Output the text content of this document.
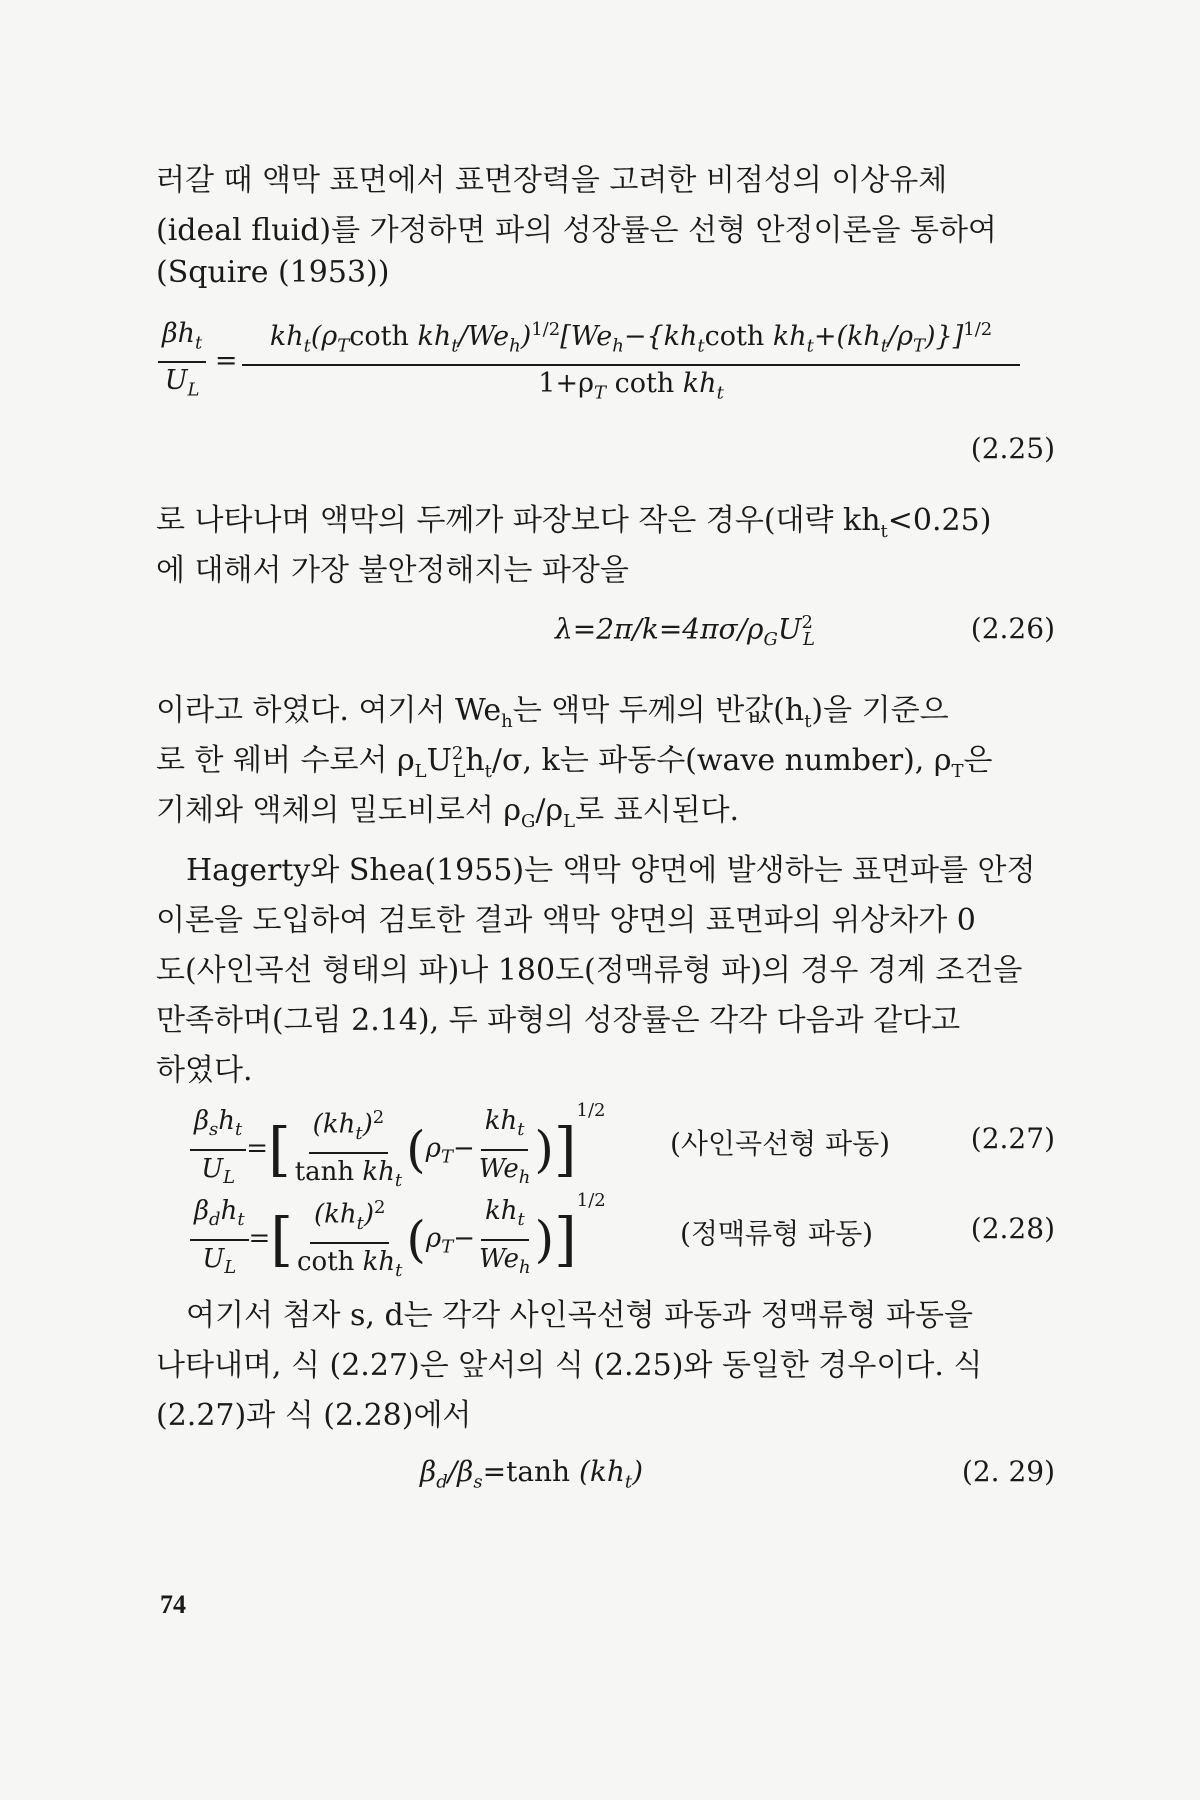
러갈 때 액막 표면에서 표면장력을 고려한 비점성의 이상유체
(ideal fluid)를 가정하면 파의 성장률은 선형 안정이론을 통하여
(Squire (1953))
$\frac{\beta h_t}{U_L} = \frac{kh_t(\rho_T\cot h kh_t/We_h)^{1/2}[We_h-\{kh_t\cot h kh_t+(kh_t/\rho_T)\}]^{1/2}}{1+\rho_T \cot h kh_t}$
(2.25)
로 나타나며 액막의 두께가 파장보다 작은 경우(대략 $kh_t<0.25$)
에 대해서 가장 불안정해지는 파장을
$\lambda=2\pi/k=4\pi\sigma/\rho_GU^2_L$	(2.26)
이라고 하였다. 여기서 $We_h$는 액막 두께의 반값$(h_t)$을 기준으
로 한 웨버 수로서 $\rho_LU^2_Lh_t/\sigma$, k는 파동수(wave number), $\rho_T$은
기체와 액체의 밀도비로서 $\rho_G/\rho_L$로 표시된다.
Hagerty와 Shea(1955)는 액막 양면에 발생하는 표면파를 안정
이론을 도입하여 검토한 결과 액막 양면의 표면파의 위상차가 0
도(사인곡선 형태의 파)나 180도(정맥류형 파)의 경우 경계 조건을
만족하며(그림 2.14), 두 파형의 성장률은 각각 다음과 같다고
하였다.
$\frac{\beta_sh_t}{U_L}$ =[ $\frac{(kh_t)^2}{\tanh kh_t} (\rho_T- \frac{kh_t}{We_h} )]^{1/2}$
(사인곡선형 파동)	(2.27)
$\frac{\beta_dh_t}{U_L}$ =[ $\frac{(kh_t)^2}{\cot h kh_t} (\rho_T- \frac{kh_t}{We_h} )]^{1/2}$
(정맥류형 파동)	(2.28)
여기서 첨자 s, d는 각각 사인곡선형 파동과 정맥류형 파동을
나타내며, 식 (2.27)은 앞서의 식 (2.25)와 동일한 경우이다. 식
(2.27)과 식 (2.28)에서
$\beta_d/\beta_s=\tanh$ $(kh_t)$	(2. 29)
74
